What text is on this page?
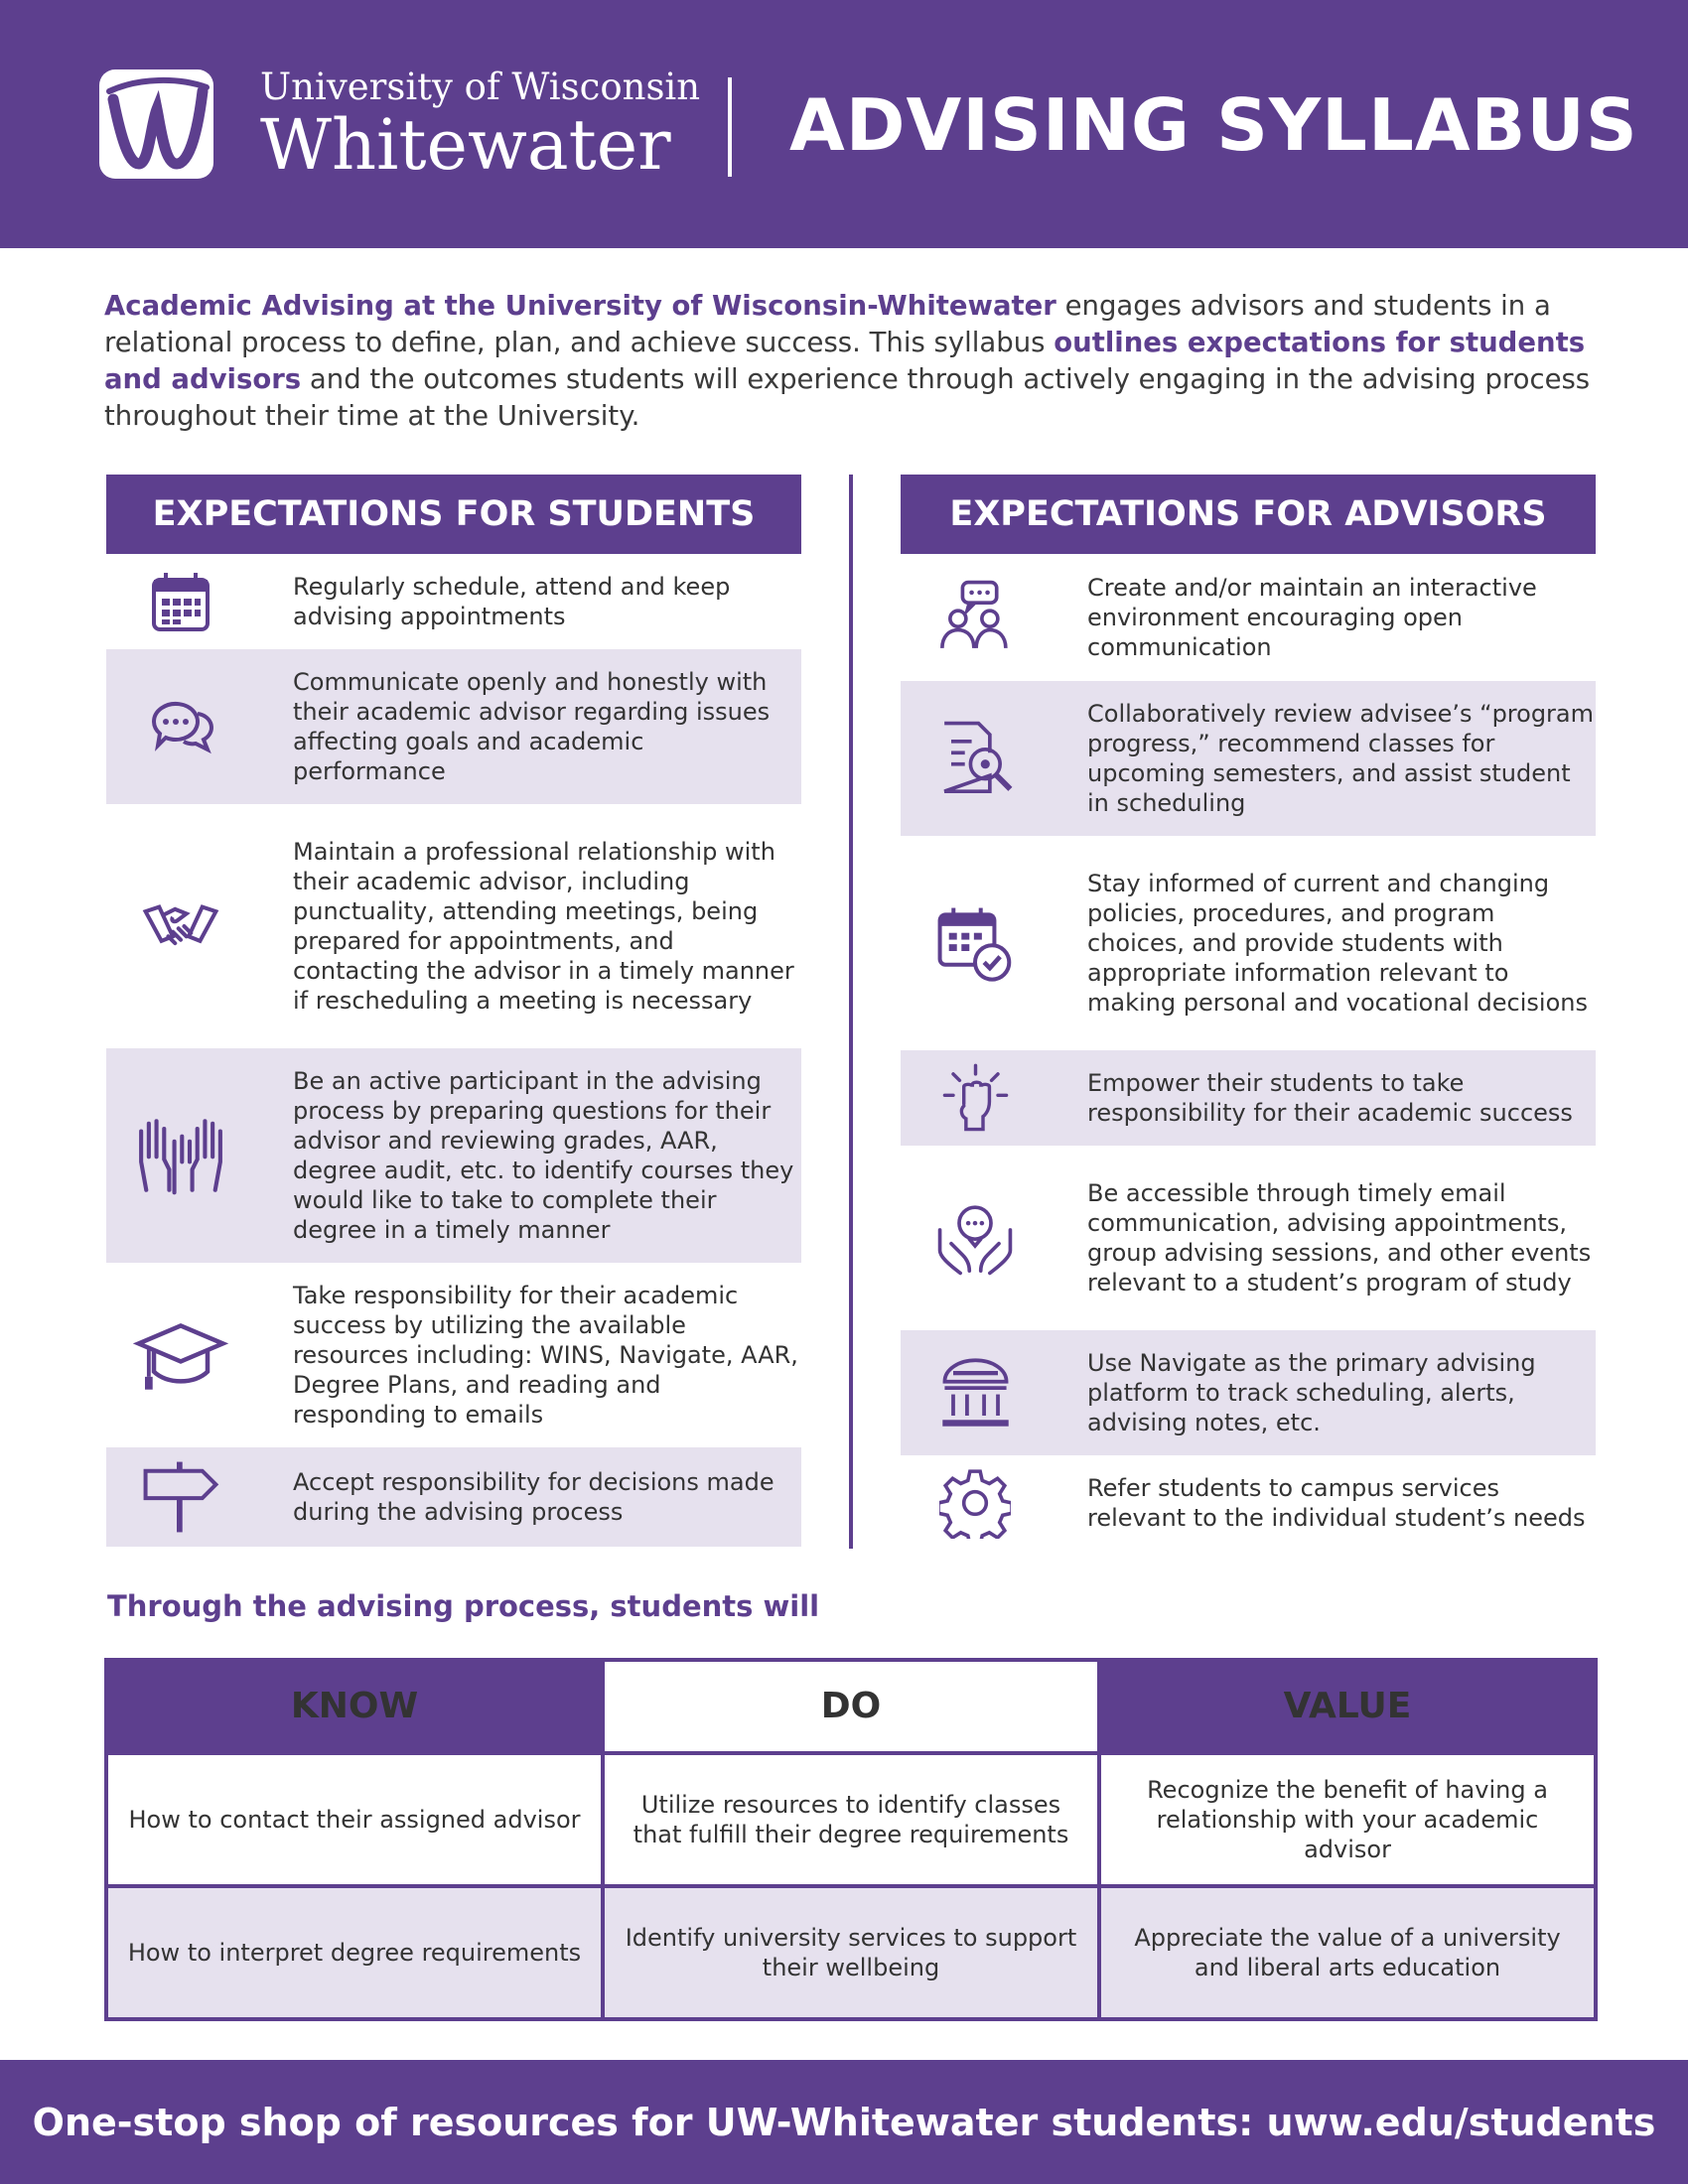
University of Wisconsin
Whitewater ADVISING SYLLABUS

Academic Advising at the University of Wisconsin-Whitewater engages advisors and students in a relational process to define, plan, and achieve success. This syllabus outlines expectations for students and advisors and the outcomes students will experience through actively engaging in the advising process throughout their time at the University.

EXPECTATIONS FOR STUDENTS	EXPECTATIONS FOR ADVISORS
Regularly schedule, attend and keep advising appointments
Communicate openly and honestly with their academic advisor regarding issues affecting goals and academic performance
Maintain a professional relationship with their academic advisor, including punctuality, attending meetings, being prepared for appointments, and contacting the advisor in a timely manner if rescheduling a meeting is necessary
Be an active participant in the advising process by preparing questions for their advisor and reviewing grades, AAR, degree audit, etc. to identify courses they would like to take to complete their degree in a timely manner
Take responsibility for their academic success by utilizing the available resources including: WINS, Navigate, AAR, Degree Plans, and reading and responding to emails
Accept responsibility for decisions made during the advising process
Create and/or maintain an interactive environment encouraging open communication
Collaboratively review advisee’s “program progress,” recommend classes for upcoming semesters, and assist student in scheduling
Stay informed of current and changing policies, procedures, and program choices, and provide students with appropriate information relevant to making personal and vocational decisions
Empower their students to take responsibility for their academic success
Be accessible through timely email communication, advising appointments, group advising sessions, and other events relevant to a student’s program of study
Use Navigate as the primary advising platform to track scheduling, alerts, advising notes, etc.
Refer students to campus services relevant to the individual student’s needs
Through the advising process, students will
KNOW	DO	VALUE
How to contact their assigned advisor	Utilize resources to identify classes that fulfill their degree requirements	Recognize the benefit of having a relationship with your academic advisor
How to interpret degree requirements	Identify university services to support their wellbeing	Appreciate the value of a university and liberal arts education
One-stop shop of resources for UW-Whitewater students: uww.edu/students
